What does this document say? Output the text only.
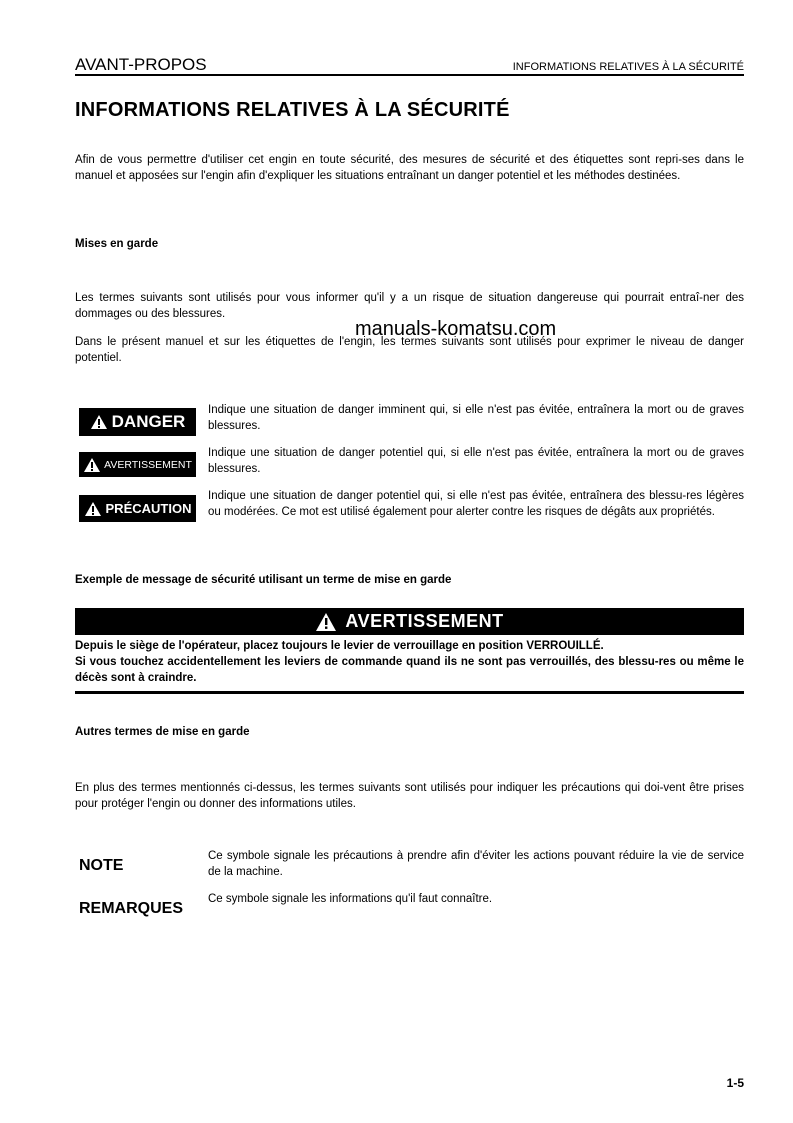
AVANT-PROPOS	INFORMATIONS RELATIVES À LA SÉCURITÉ
INFORMATIONS RELATIVES À LA SÉCURITÉ

Afin de vous permettre d'utiliser cet engin en toute sécurité, des mesures de sécurité et des étiquettes sont repri-ses dans le manuel et apposées sur l'engin afin d'expliquer les situations entraînant un danger potentiel et les méthodes destinées.

Mises en garde

Les termes suivants sont utilisés pour vous informer qu'il y a un risque de situation dangereuse qui pourrait entraî-ner des dommages ou des blessures.

Dans le présent manuel et sur les étiquettes de l'engin, les termes suivants sont utilisés pour exprimer le niveau de danger potentiel.

manuals-komatsu.com
DANGER

Indique une situation de danger imminent qui, si elle n'est pas évitée, entraînera la mort ou de graves blessures.

AVERTISSEMENT

Indique une situation de danger potentiel qui, si elle n'est pas évitée, entraînera la mort ou de graves blessures.

PRÉCAUTION

Indique une situation de danger potentiel qui, si elle n'est pas évitée, entraînera des blessu-res légères ou modérées. Ce mot est utilisé également pour alerter contre les risques de dégâts aux propriétés.

Exemple de message de sécurité utilisant un terme de mise en garde
AVERTISSEMENT
Depuis le siège de l'opérateur, placez toujours le levier de verrouillage en position VERROUILLÉ.
Si vous touchez accidentellement les leviers de commande quand ils ne sont pas verrouillés, des blessu-res ou même le décès sont à craindre.
Autres termes de mise en garde

En plus des termes mentionnés ci-dessus, les termes suivants sont utilisés pour indiquer les précautions qui doi-vent être prises pour protéger l'engin ou donner des informations utiles.

NOTE

Ce symbole signale les précautions à prendre afin d'éviter les actions pouvant réduire la vie de service de la machine.

REMARQUES

Ce symbole signale les informations qu'il faut connaître.

1-5
